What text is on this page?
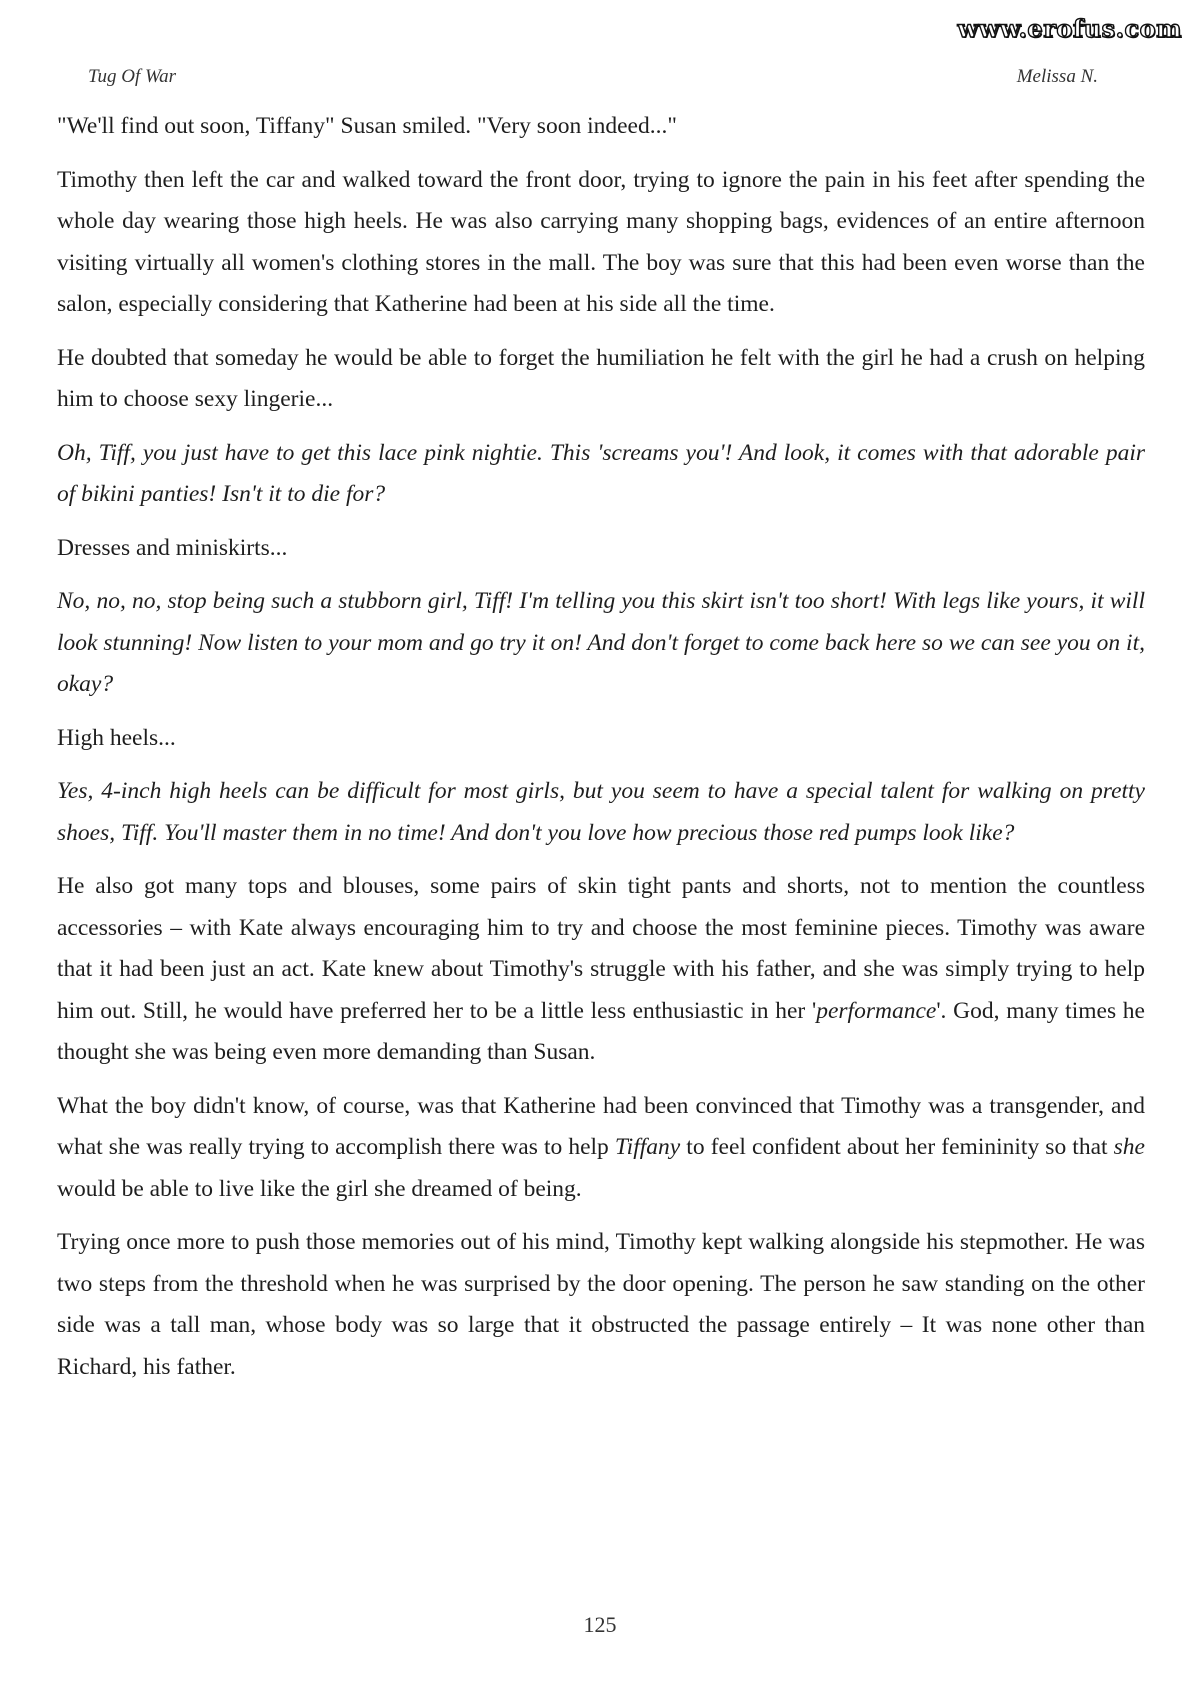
www.erofus.com
Tug Of War	Melissa N.

"We'll find out soon, Tiffany" Susan smiled. "Very soon indeed..."

Timothy then left the car and walked toward the front door, trying to ignore the pain in his feet after spending the whole day wearing those high heels. He was also carrying many shopping bags, evidences of an entire afternoon visiting virtually all women's clothing stores in the mall. The boy was sure that this had been even worse than the salon, especially considering that Katherine had been at his side all the time.

He doubted that someday he would be able to forget the humiliation he felt with the girl he had a crush on helping him to choose sexy lingerie...

Oh, Tiff, you just have to get this lace pink nightie. This 'screams you'! And look, it comes with that adorable pair of bikini panties! Isn't it to die for?

Dresses and miniskirts...

No, no, no, stop being such a stubborn girl, Tiff! I'm telling you this skirt isn't too short! With legs like yours, it will look stunning! Now listen to your mom and go try it on! And don't forget to come back here so we can see you on it, okay?

High heels...

Yes, 4-inch high heels can be difficult for most girls, but you seem to have a special talent for walking on pretty shoes, Tiff. You'll master them in no time! And don't you love how precious those red pumps look like?

He also got many tops and blouses, some pairs of skin tight pants and shorts, not to mention the countless accessories – with Kate always encouraging him to try and choose the most feminine pieces. Timothy was aware that it had been just an act. Kate knew about Timothy's struggle with his father, and she was simply trying to help him out. Still, he would have preferred her to be a little less enthusiastic in her 'performance'. God, many times he thought she was being even more demanding than Susan.

What the boy didn't know, of course, was that Katherine had been convinced that Timothy was a transgender, and what she was really trying to accomplish there was to help Tiffany to feel confident about her femininity so that she would be able to live like the girl she dreamed of being.

Trying once more to push those memories out of his mind, Timothy kept walking alongside his stepmother. He was two steps from the threshold when he was surprised by the door opening. The person he saw standing on the other side was a tall man, whose body was so large that it obstructed the passage entirely – It was none other than Richard, his father.

125
